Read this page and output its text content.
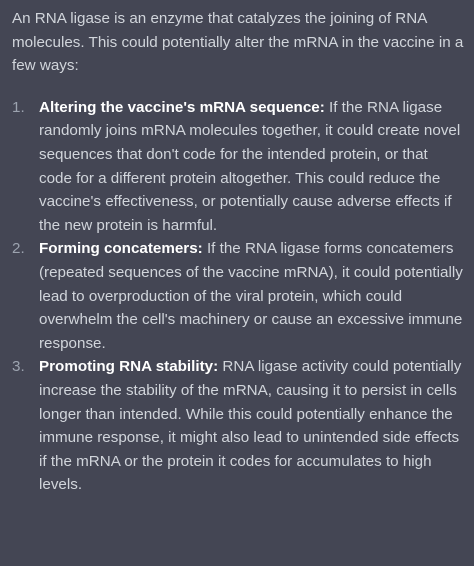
An RNA ligase is an enzyme that catalyzes the joining of RNA molecules. This could potentially alter the mRNA in the vaccine in a few ways:

1. Altering the vaccine's mRNA sequence: If the RNA ligase randomly joins mRNA molecules together, it could create novel sequences that don't code for the intended protein, or that code for a different protein altogether. This could reduce the vaccine's effectiveness, or potentially cause adverse effects if the new protein is harmful.
2. Forming concatemers: If the RNA ligase forms concatemers (repeated sequences of the vaccine mRNA), it could potentially lead to overproduction of the viral protein, which could overwhelm the cell's machinery or cause an excessive immune response.
3. Promoting RNA stability: RNA ligase activity could potentially increase the stability of the mRNA, causing it to persist in cells longer than intended. While this could potentially enhance the immune response, it might also lead to unintended side effects if the mRNA or the protein it codes for accumulates to high levels.
